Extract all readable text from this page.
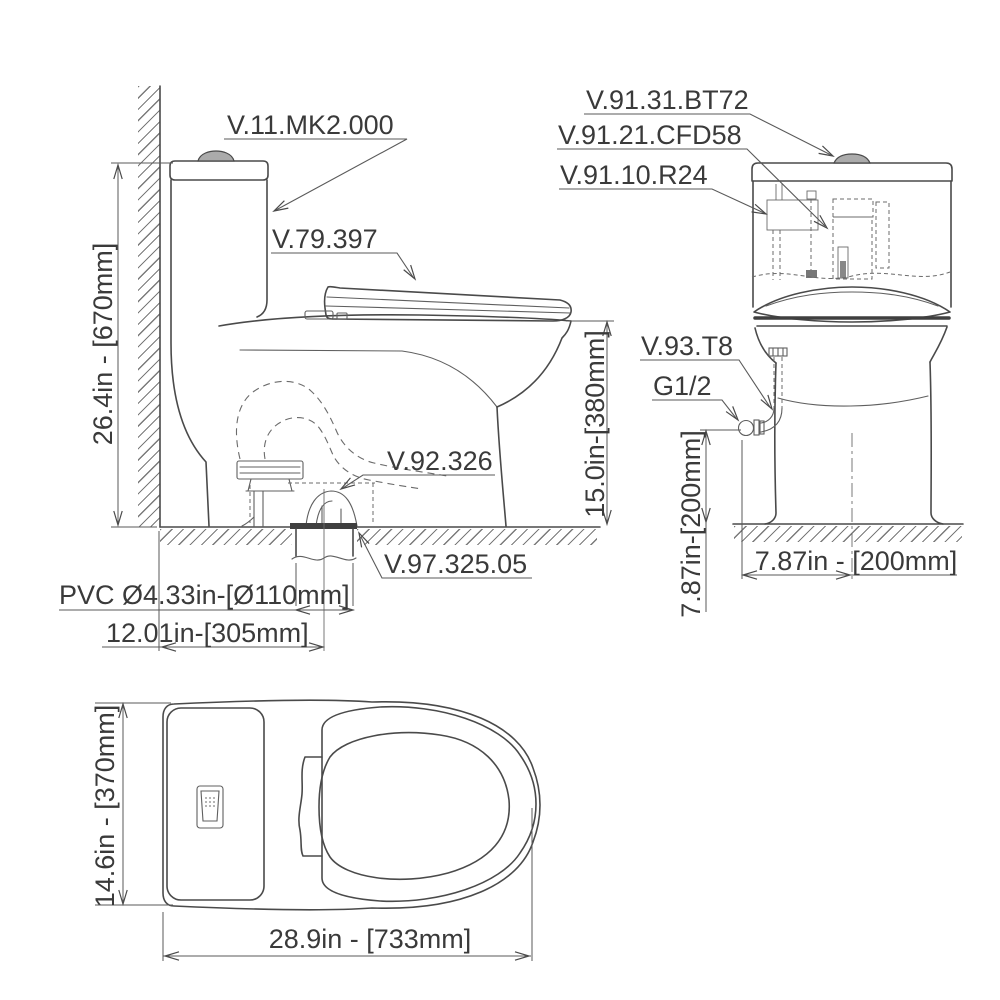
V.11.MK2.000
V.79.397
V.92.326
V.97.325.05
PVC Ø4.33in-[Ø110mm]
12.01in-[305mm]
26.4in - [670mm]	15.0in-[380mm]
V.91.31.BT72
V.91.21.CFD58
V.91.10.R24
V.93.T8
G1/2
7.87in-[200mm] 7.87in - [200mm]
14.6in - [370mm]
28.9in - [733mm]
